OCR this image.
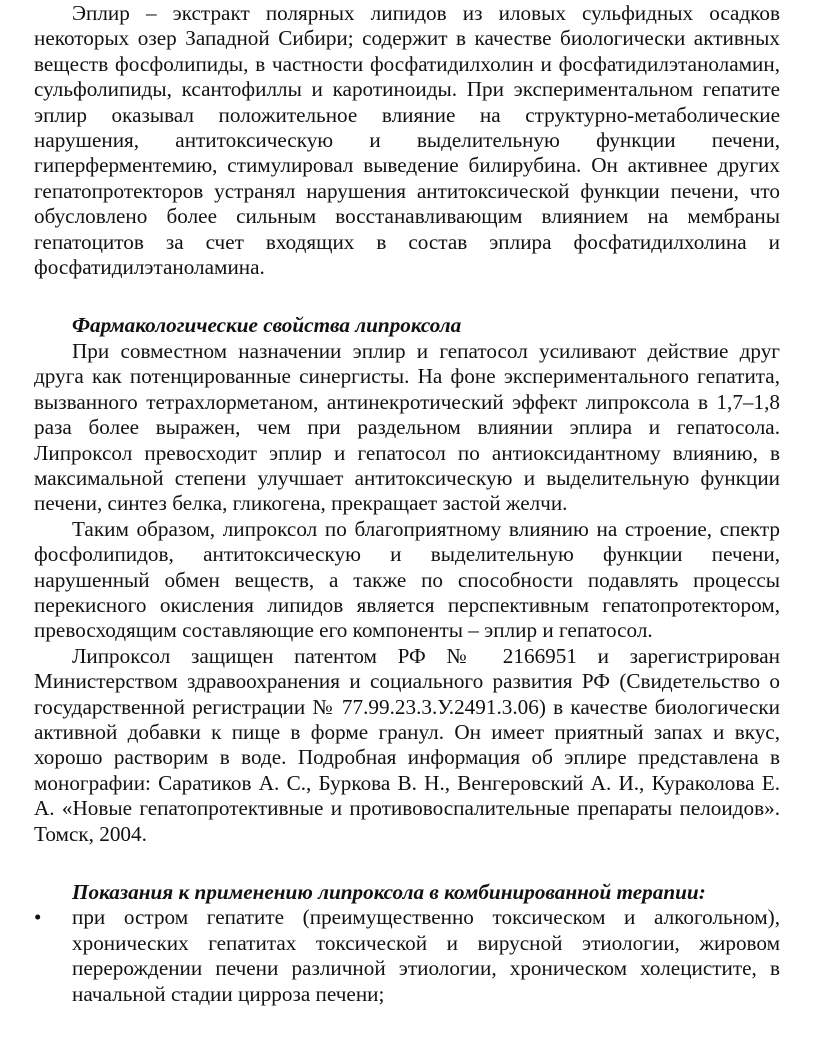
Эплир – экстракт полярных липидов из иловых сульфидных осадков некоторых озер Западной Сибири; содержит в качестве биологически активных веществ фосфолипиды, в частности фосфатидилхолин и фосфатидилэтаноламин, сульфолипиды, ксантофиллы и каротиноиды. При экспериментальном гепатите эплир оказывал положительное влияние на структурно-метаболические нарушения, антитоксическую и выделительную функции печени, гиперферментемию, стимулировал выведение билирубина. Он активнее других гепатопротекторов устранял нарушения антитоксической функции печени, что обусловлено более сильным восстанавливающим влиянием на мембраны гепатоцитов за счет входящих в состав эплира фосфатидилхолина и фосфатидилэтаноламина.

Фармакологические свойства липроксола

При совместном назначении эплир и гепатосол усиливают действие друг друга как потенцированные синергисты. На фоне экспериментального гепатита, вызванного тетрахлорметаном, антинекротический эффект липроксола в 1,7–1,8 раза более выражен, чем при раздельном влиянии эплира и гепатосола. Липроксол превосходит эплир и гепатосол по антиоксидантному влиянию, в максимальной степени улучшает антитоксическую и выделительную функции печени, синтез белка, гликогена, прекращает застой желчи.

Таким образом, липроксол по благоприятному влиянию на строение, спектр фосфолипидов, антитоксическую и выделительную функции печени, нарушенный обмен веществ, а также по способности подавлять процессы перекисного окисления липидов является перспективным гепатопротектором, превосходящим составляющие его компоненты – эплир и гепатосол.

Липроксол защищен патентом РФ № 2166951 и зарегистрирован Министерством здравоохранения и социального развития РФ (Свидетельство о государственной регистрации № 77.99.23.3.У.2491.3.06) в качестве биологически активной добавки к пище в форме гранул. Он имеет приятный запах и вкус, хорошо растворим в воде. Подробная информация об эплире представлена в монографии: Саратиков А. С., Буркова В. Н., Венгеровский А. И., Кураколова Е. А. «Новые гепатопротективные и противовоспалительные препараты пелоидов». Томск, 2004.

Показания к применению липроксола в комбинированной терапии:
•	при остром гепатите (преимущественно токсическом и алкогольном), хронических гепатитах токсической и вирусной этиологии, жировом перерождении печени различной этиологии, хроническом холецистите, в начальной стадии цирроза печени;
